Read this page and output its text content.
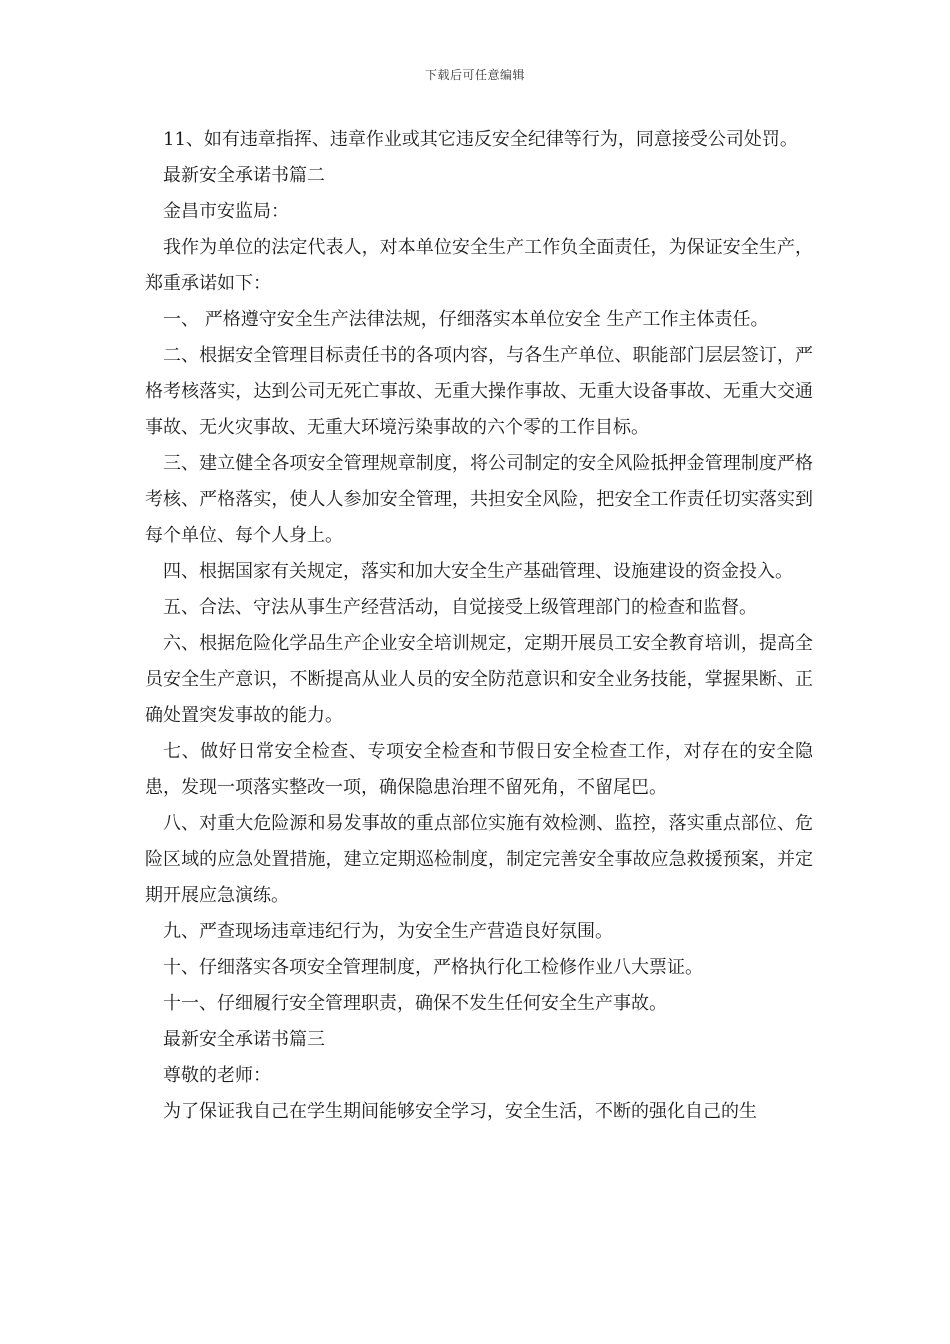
下载后可任意编辑

11、如有违章指挥、违章作业或其它违反安全纪律等行为，同意接受公司处罚。

最新安全承诺书篇二

金昌市安监局：

我作为单位的法定代表人，对本单位安全生产工作负全面责任，为保证安全生产，郑重承诺如下：

一、 严格遵守安全生产法律法规，仔细落实本单位安全 生产工作主体责任。

二、根据安全管理目标责任书的各项内容，与各生产单位、职能部门层层签订，严格考核落实，达到公司无死亡事故、无重大操作事故、无重大设备事故、无重大交通事故、无火灾事故、无重大环境污染事故的六个零的工作目标。

三、建立健全各项安全管理规章制度，将公司制定的安全风险抵押金管理制度严格考核、严格落实，使人人参加安全管理，共担安全风险，把安全工作责任切实落实到每个单位、每个人身上。

四、根据国家有关规定，落实和加大安全生产基础管理、设施建设的资金投入。

五、合法、守法从事生产经营活动，自觉接受上级管理部门的检查和监督。

六、根据危险化学品生产企业安全培训规定，定期开展员工安全教育培训，提高全员安全生产意识，不断提高从业人员的安全防范意识和安全业务技能，掌握果断、正确处置突发事故的能力。

七、做好日常安全检查、专项安全检查和节假日安全检查工作，对存在的安全隐患，发现一项落实整改一项，确保隐患治理不留死角，不留尾巴。

八、对重大危险源和易发事故的重点部位实施有效检测、监控，落实重点部位、危险区域的应急处置措施，建立定期巡检制度，制定完善安全事故应急救援预案，并定期开展应急演练。

九、严查现场违章违纪行为，为安全生产营造良好氛围。

十、仔细落实各项安全管理制度，严格执行化工检修作业八大票证。

十一、仔细履行安全管理职责，确保不发生任何安全生产事故。

最新安全承诺书篇三

尊敬的老师：

为了保证我自己在学生期间能够安全学习，安全生活，不断的强化自己的生
